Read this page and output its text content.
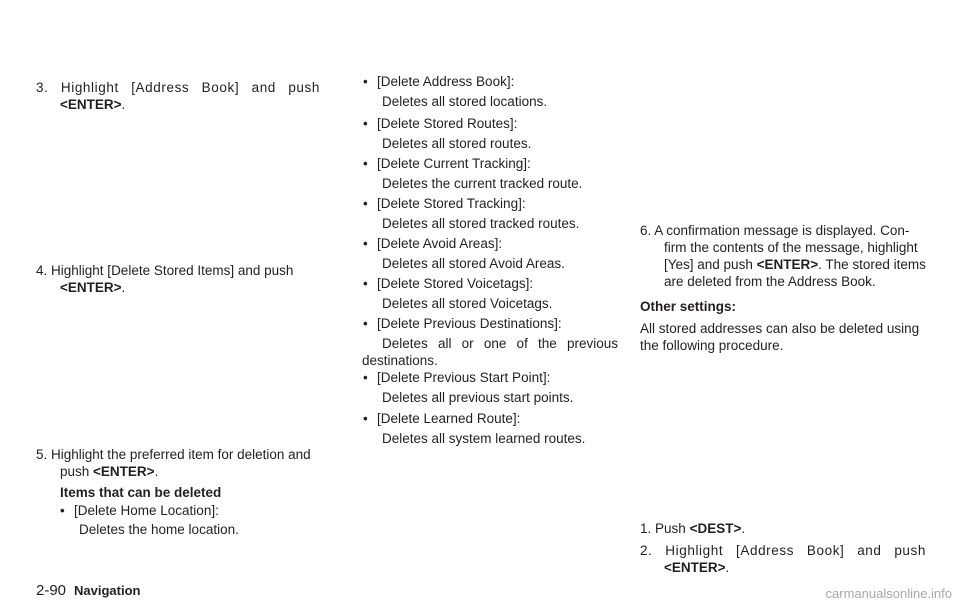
3. Highlight [Address Book] and push
<ENTER>.
4. Highlight [Delete Stored Items] and push
<ENTER>.
5. Highlight the preferred item for deletion and
push <ENTER>.
Items that can be deleted
• [Delete Home Location]:
Deletes the home location.
• [Delete Address Book]:
Deletes all stored locations.
• [Delete Stored Routes]:
Deletes all stored routes.
• [Delete Current Tracking]:
Deletes the current tracked route.
• [Delete Stored Tracking]:
Deletes all stored tracked routes.
• [Delete Avoid Areas]:
Deletes all stored Avoid Areas.
• [Delete Stored Voicetags]:
Deletes all stored Voicetags.
• [Delete Previous Destinations]:
Deletes all or one of the previous
destinations.
• [Delete Previous Start Point]:
Deletes all previous start points.
• [Delete Learned Route]:
Deletes all system learned routes.
6. A confirmation message is displayed. Con-
firm the contents of the message, highlight
[Yes] and push <ENTER>. The stored items
are deleted from the Address Book.
Other settings:
All stored addresses can also be deleted using
the following procedure.
1. Push <DEST>.
2. Highlight [Address Book] and push
<ENTER>.
2-90 Navigation	carmanualsonline.info
